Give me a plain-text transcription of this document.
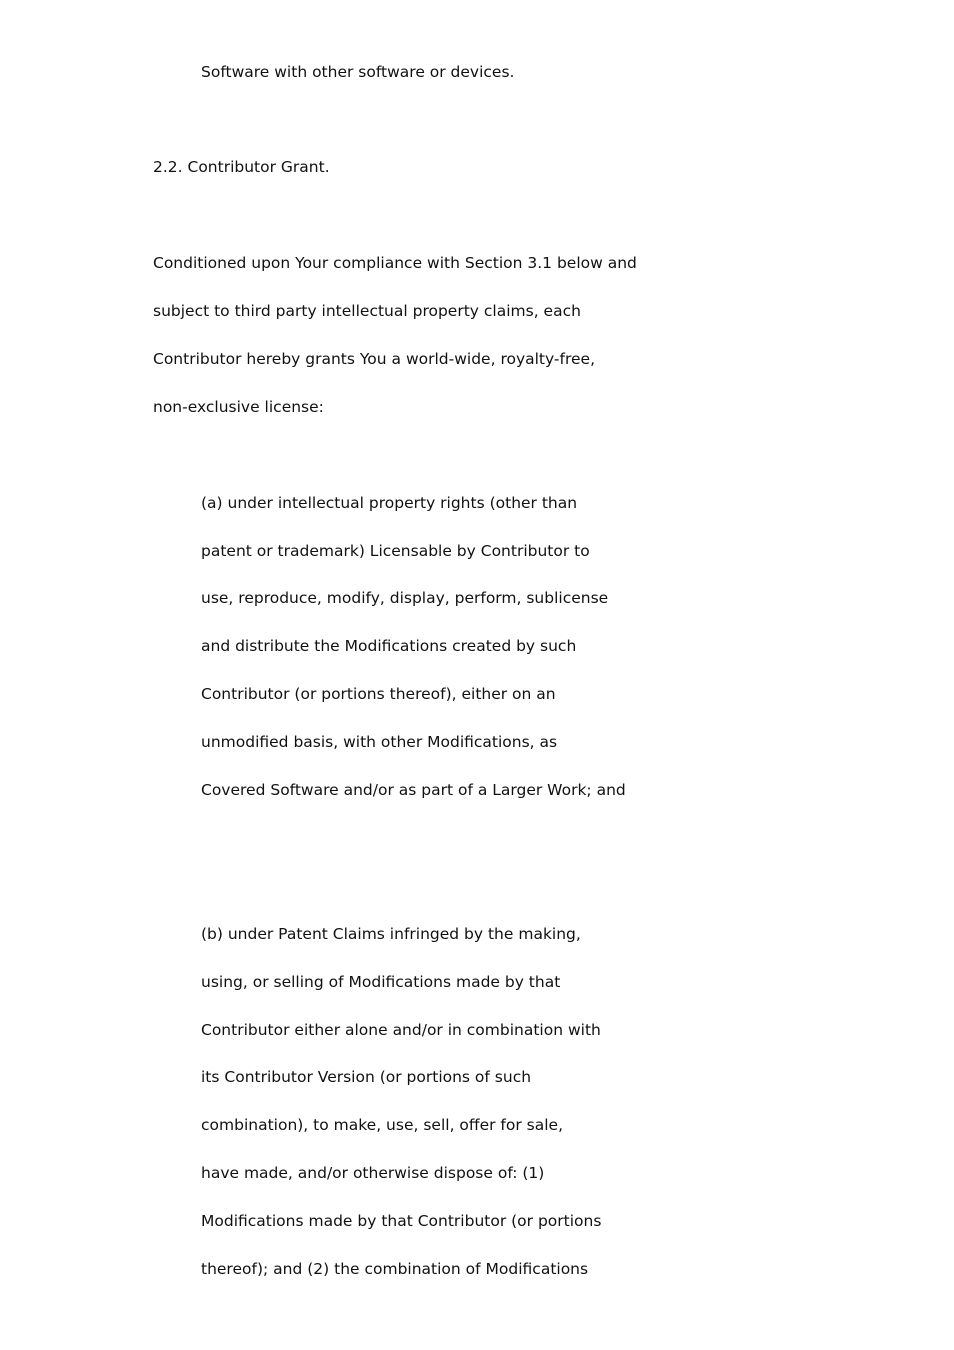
Software with other software or devices.
2.2. Contributor Grant.
Conditioned upon Your compliance with Section 3.1 below and
subject to third party intellectual property claims, each
Contributor hereby grants You a world-wide, royalty-free,
non-exclusive license:
(a) under intellectual property rights (other than
patent or trademark) Licensable by Contributor to
use, reproduce, modify, display, perform, sublicense
and distribute the Modifications created by such
Contributor (or portions thereof), either on an
unmodified basis, with other Modifications, as
Covered Software and/or as part of a Larger Work; and
(b) under Patent Claims infringed by the making,
using, or selling of Modifications made by that
Contributor either alone and/or in combination with
its Contributor Version (or portions of such
combination), to make, use, sell, offer for sale,
have made, and/or otherwise dispose of: (1)
Modifications made by that Contributor (or portions
thereof); and (2) the combination of Modifications
